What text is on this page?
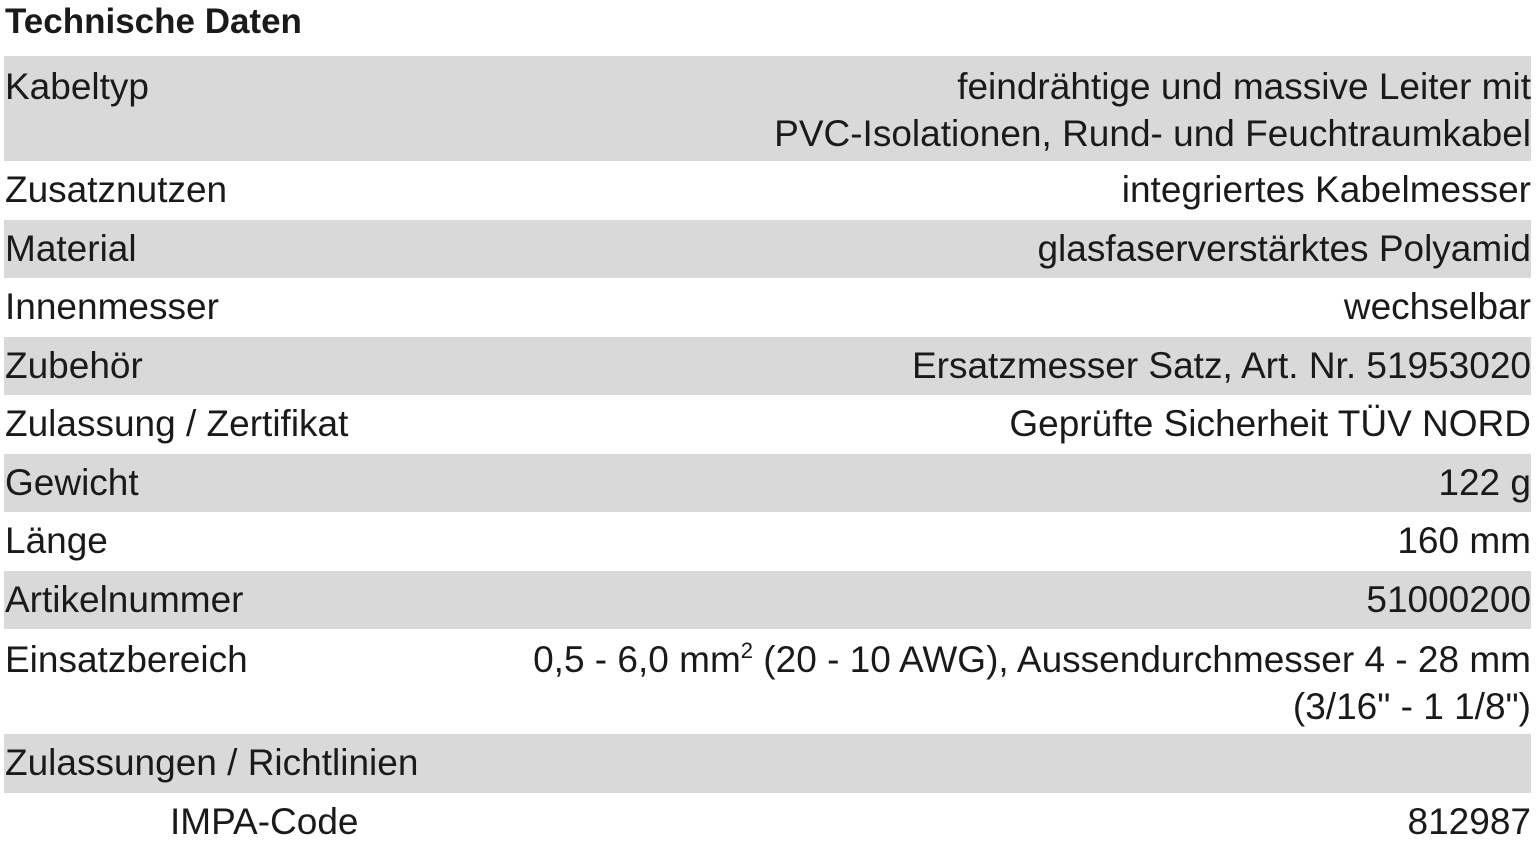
Technische Daten
Kabeltyp	feindrähtige und massive Leiter mit
PVC-Isolationen, Rund- und Feuchtraumkabel
Zusatznutzen	integriertes Kabelmesser
Material	glasfaserverstärktes Polyamid
Innenmesser	wechselbar
Zubehör	Ersatzmesser Satz, Art. Nr. 51953020
Zulassung / Zertifikat	Geprüfte Sicherheit TÜV NORD
Gewicht	122 g
Länge	160 mm
Artikelnummer	51000200
Einsatzbereich	0,5 - 6,0 $mm^2$ (20 - 10 AWG), Aussendurchmesser 4 - 28 mm
(3/16" - 1 1/8")
Zulassungen / Richtlinien
IMPA-Code	812987
